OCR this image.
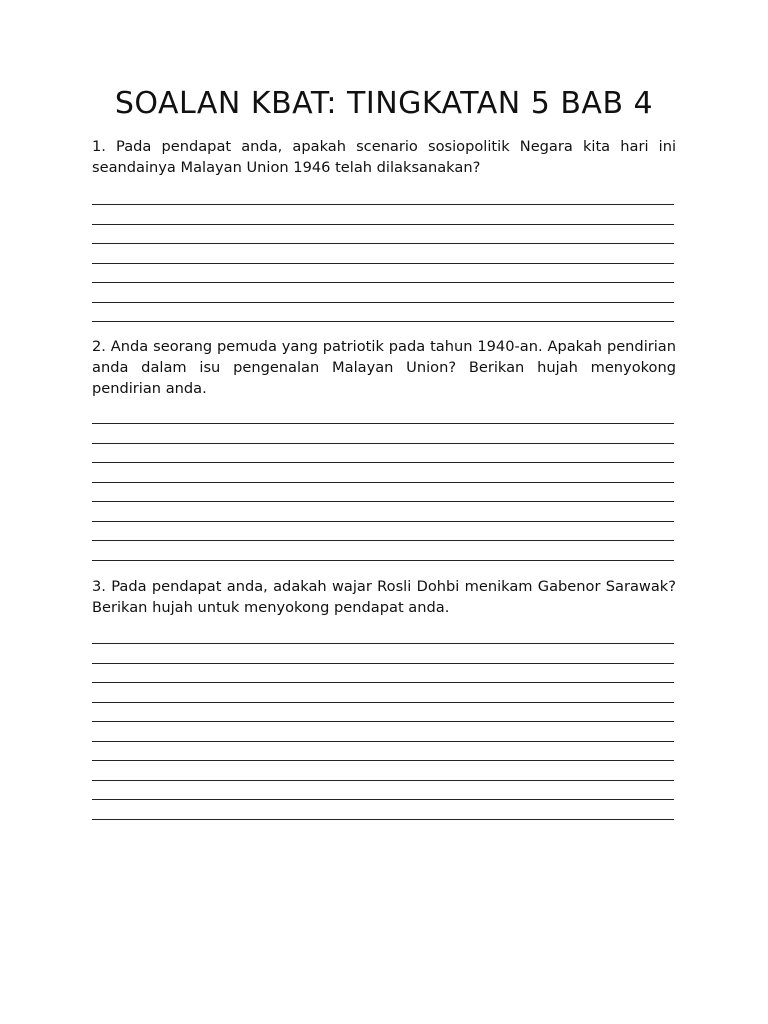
SOALAN KBAT: TINGKATAN 5 BAB 4

1. Pada pendapat anda, apakah scenario sosiopolitik Negara kita hari ini seandainya Malayan Union 1946 telah dilaksanakan?

2. Anda seorang pemuda yang patriotik pada tahun 1940-an. Apakah pendirian anda dalam isu pengenalan Malayan Union? Berikan hujah menyokong pendirian anda.

3. Pada pendapat anda, adakah wajar Rosli Dohbi menikam Gabenor Sarawak? Berikan hujah untuk menyokong pendapat anda.
